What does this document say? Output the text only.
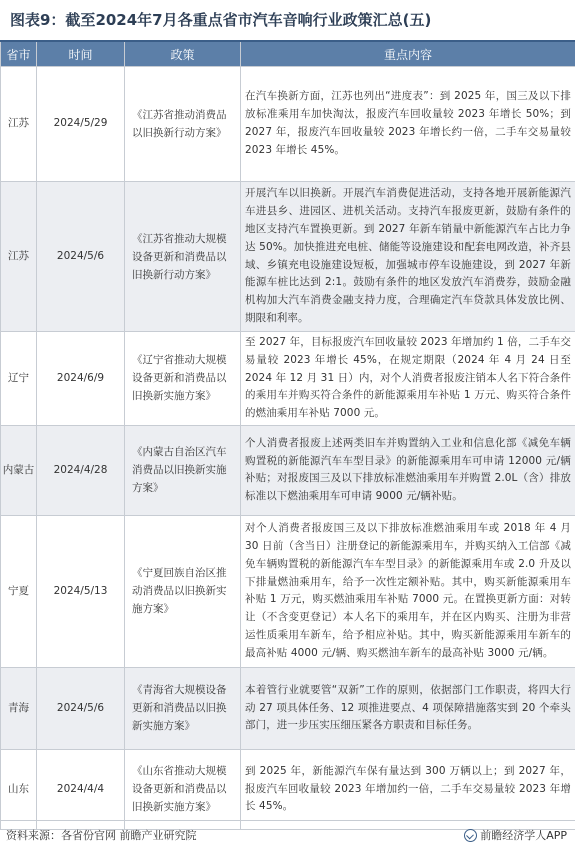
图表9：截至2024年7月各重点省市汽车音响行业政策汇总(五)
省市	时间	政策	重点内容
江苏	2024/5/29	《江苏省推动消费品以旧换新行动方案》	在汽车换新方面，江苏也列出“进度表”：到 2025 年，国三及以下排放标准乘用车加快淘汰，报废汽车回收量较 2023 年增长 50%；到 2027 年，报废汽车回收量较 2023 年增长约一倍，二手车交易量较 2023 年增长 45%。
江苏	2024/5/6	《江苏省推动大规模设备更新和消费品以旧换新行动方案》	开展汽车以旧换新。开展汽车消费促进活动，支持各地开展新能源汽车进县乡、进园区、进机关活动。支持汽车报废更新，鼓励有条件的地区支持汽车置换更新。到 2027 年新车销量中新能源汽车占比力争达 50%。加快推进充电桩、储能等设施建设和配套电网改造，补齐县域、乡镇充电设施建设短板，加强城市停车设施建设，到 2027 年新能源车桩比达到 2:1。鼓励有条件的地区发放汽车消费券，鼓励金融机构加大汽车消费金融支持力度，合理确定汽车贷款具体发放比例、期限和利率。
辽宁	2024/6/9	《辽宁省推动大规模设备更新和消费品以旧换新实施方案》	至 2027 年，目标报废汽车回收量较 2023 年增加约 1 倍，二手车交易量较 2023 年增长 45%，在规定期限（2024 年 4 月 24 日至 2024 年 12 月 31 日）内，对个人消费者报废注销本人名下符合条件的乘用车并购买符合条件的新能源乘用车补贴 1 万元、购买符合条件的燃油乘用车补贴 7000 元。
内蒙古	2024/4/28	《内蒙古自治区汽车消费品以旧换新实施方案》	个人消费者报废上述两类旧车并购置纳入工业和信息化部《减免车辆购置税的新能源汽车车型目录》的新能源乘用车可申请 12000 元/辆补贴；对报废国三及以下排放标准燃油乘用车并购置 2.0L（含）排放标准以下燃油乘用车可申请 9000 元/辆补贴。
宁夏	2024/5/13	《宁夏回族自治区推动消费品以旧换新实施方案》	对个人消费者报废国三及以下排放标准燃油乘用车或 2018 年 4 月 30 日前（含当日）注册登记的新能源乘用车，并购买纳入工信部《减免车辆购置税的新能源汽车车型目录》的新能源乘用车或 2.0 升及以下排量燃油乘用车，给予一次性定额补贴。其中，购买新能源乘用车补贴 1 万元，购买燃油乘用车补贴 7000 元。在置换更新方面：对转让（不含变更登记）本人名下的乘用车，并在区内购买、注册为非营运性质乘用车新车，给予相应补贴。其中，购买新能源乘用车新车的最高补贴 4000 元/辆、购买燃油车新车的最高补贴 3000 元/辆。
青海	2024/5/6	《青海省大规模设备更新和消费品以旧换新实施方案》	本着管行业就要管“双新”工作的原则，依据部门工作职责，将四大行动 27 项具体任务、12 项推进要点、4 项保障措施落实到 20 个牵头部门，进一步压实压细压紧各方职责和目标任务。
山东	2024/4/4	《山东省推动大规模设备更新和消费品以旧换新实施方案》	到 2025 年，新能源汽车保有量达到 300 万辆以上；到 2027 年，报废汽车回收量较 2023 年增加约一倍，二手车交易量较 2023 年增长 45%。
资料来源：各省份官网 前瞻产业研究院	前瞻经济学人APP
